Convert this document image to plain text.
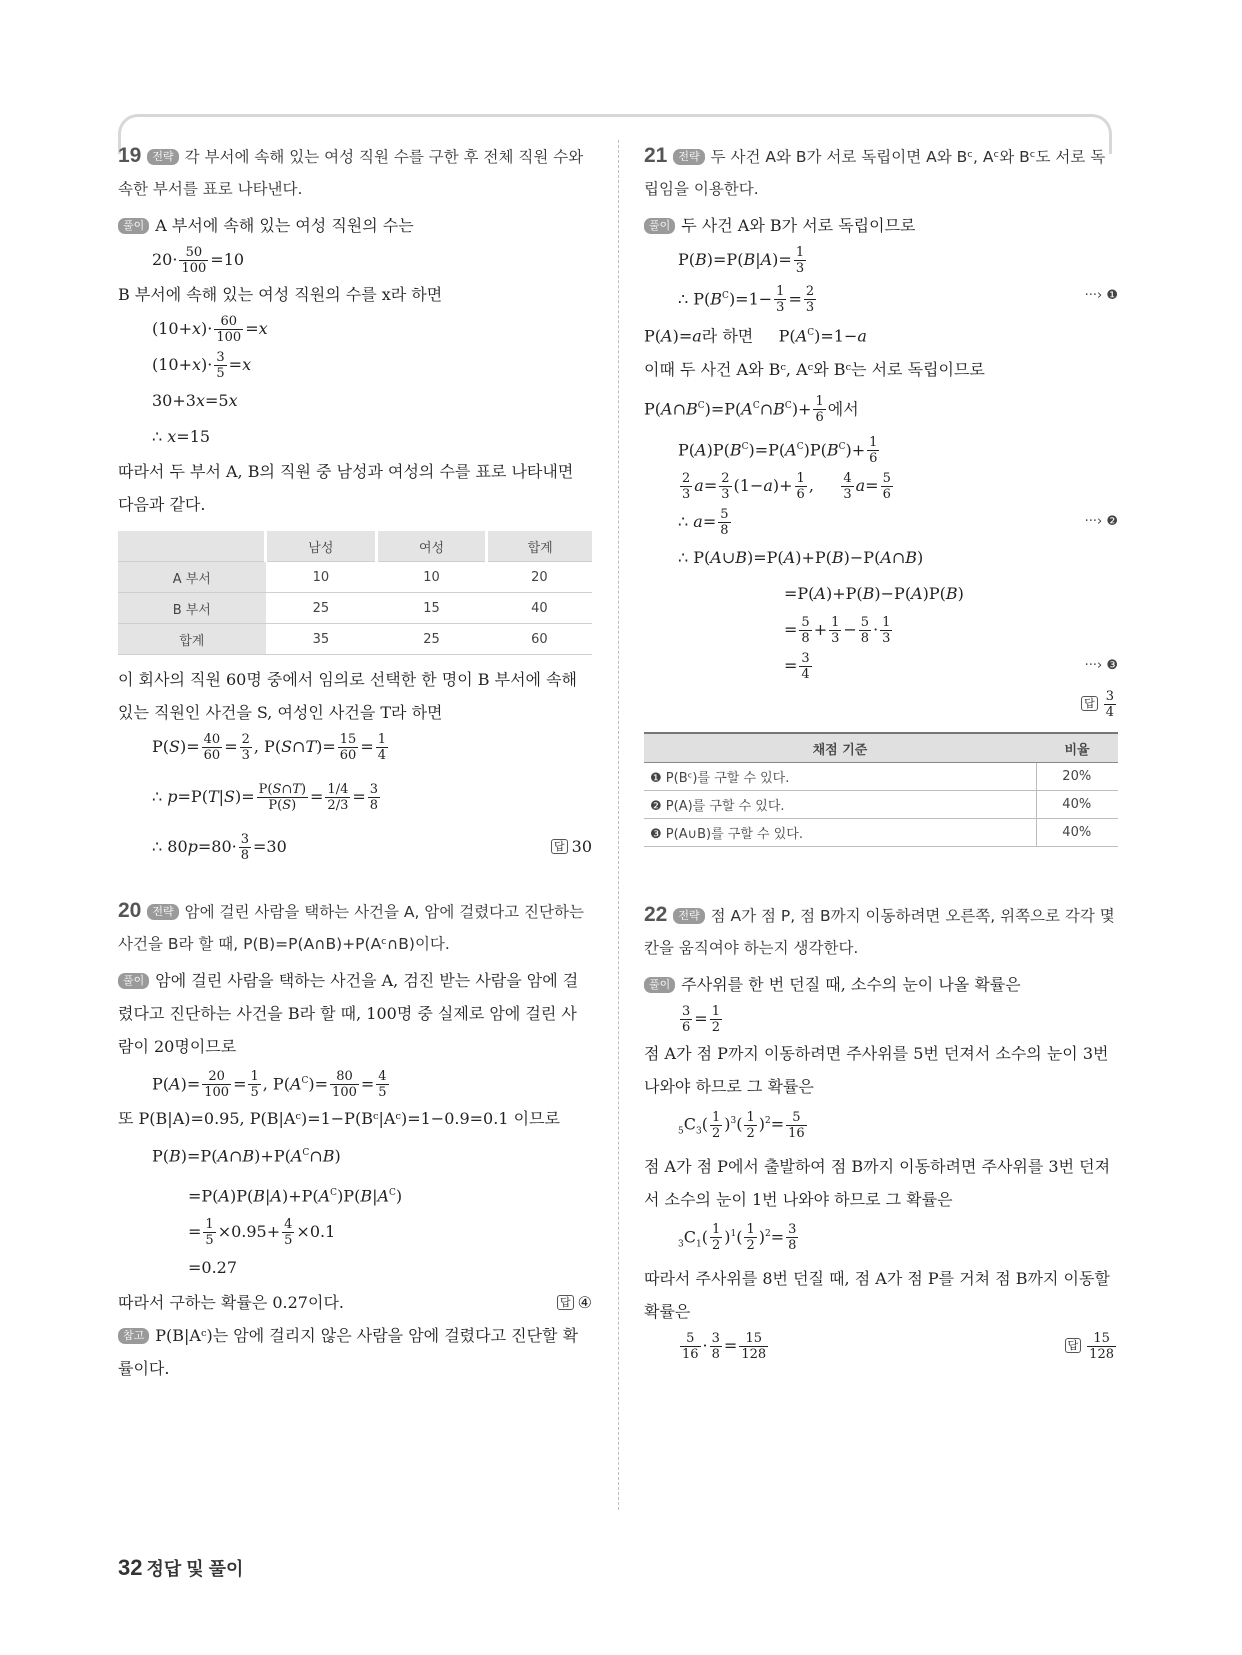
19 전략 각 부서에 속해 있는 여성 직원 수를 구한 후 전체 직원 수와 속한 부서를 표로 나타낸다.
풀이 A 부서에 속해 있는 여성 직원의 수는
$20\cdot \frac{50}{100} =10$
B 부서에 속해 있는 여성 직원의 수를 x라 하면
$(10+x)\cdot \frac{60}{100} =x$
$(10+x)\cdot \frac{3}{5} =x$
30+3x=5x
∴ x=15
따라서 두 부서 A, B의 직원 중 남성과 여성의 수를 표로 나타내면 다음과 같다.
	남성	여성	합계
A 부서	10	10	20
B 부서	25	15	40
합계	35	25	60
이 회사의 직원 60명 중에서 임의로 선택한 한 명이 B 부서에 속해 있는 직원인 사건을 S, 여성인 사건을 T라 하면
$P(S)= \frac{40}{60} = \frac{2}{3}$ , P(S∩T)= $\frac{15}{60} = \frac{1}{4}$
∴ $p=P(T|S)= \frac{P(S\cap T)}{P(S)} = \frac{1/4}{2/3} = \frac{3}{8}$
∴ $80p=80\cdot \frac{3}{8} =30$	답 30
20 전략 암에 걸린 사람을 택하는 사건을 A, 암에 걸렸다고 진단하는 사건을 B라 할 때, P(B)=P(A∩B)+P(Aᶜ∩B)이다.
풀이 암에 걸린 사람을 택하는 사건을 A, 검진 받는 사람을 암에 걸렸다고 진단하는 사건을 B라 할 때, 100명 중 실제로 암에 걸린 사람이 20명이므로
$P(A)= \frac{20}{100} = \frac{1}{5}$ , $P(A^C)= \frac{80}{100} = \frac{4}{5}$
또 P(B|A)=0.95, P(B|Aᶜ)=1−P(Bᶜ|Aᶜ)=1−0.9=0.1 이므로
$P(B)=P(A\cap B)+P(A^C\cap B)$
$=P(A)P(B|A)+P(A^C)P(B|A^C)$
= $\frac{1}{5} \times 0.95+ \frac{4}{5} \times 0.1$
=0.27
따라서 구하는 확률은 0.27이다.	답 ④
참고 P(B|Aᶜ)는 암에 걸리지 않은 사람을 암에 걸렸다고 진단할 확률이다.
21 전략 두 사건 A와 B가 서로 독립이면 A와 Bᶜ, Aᶜ와 Bᶜ도 서로 독립임을 이용한다.
풀이 두 사건 A와 B가 서로 독립이므로
$P(B)=P(B|A)= \frac{1}{3}$
∴ $P(B^C)=1- \frac{1}{3} = \frac{2}{3}$	···› ❶
P(A)=a라 하면     $P(A^C)=1-a$
이때 두 사건 A와 Bᶜ, Aᶜ와 Bᶜ는 서로 독립이므로
$P(A\cap B^C)=P(A^C\cap B^C)+ \frac{1}{6}$ 에서
$P(A)P(B^C)=P(A^C)P(B^C)+ \frac{1}{6}$
$\frac{2}{3} a= \frac{2}{3} (1-a)+ \frac{1}{6}$ , $\frac{4}{3} a= \frac{5}{6}$
∴ $a= \frac{5}{8}$	···› ❷
∴ P(A∪B)=P(A)+P(B)−P(A∩B)
=P(A)+P(B)−P(A)P(B)
= $\frac{5}{8} + \frac{1}{3} - \frac{5}{8} \cdot \frac{1}{3}$
= $\frac{3}{4}$	···› ❸
답 $\frac{3}{4}$
채점 기준	비율
❶ P(Bᶜ)를 구할 수 있다.	20%
❷ P(A)를 구할 수 있다.	40%
❸ P(A∪B)를 구할 수 있다.	40%
22 전략 점 A가 점 P, 점 B까지 이동하려면 오른쪽, 위쪽으로 각각 몇 칸을 움직여야 하는지 생각한다.
풀이 주사위를 한 번 던질 때, 소수의 눈이 나올 확률은
$\frac{3}{6} = \frac{1}{2}$
점 A가 점 P까지 이동하려면 주사위를 5번 던져서 소수의 눈이 3번 나와야 하므로 그 확률은
$_5C_3( \frac{1}{2} )^3( \frac{1}{2} )^2= \frac{5}{16}$
점 A가 점 P에서 출발하여 점 B까지 이동하려면 주사위를 3번 던져서 소수의 눈이 1번 나와야 하므로 그 확률은
$_3C_1( \frac{1}{2} )^1( \frac{1}{2} )^2= \frac{3}{8}$
따라서 주사위를 8번 던질 때, 점 A가 점 P를 거쳐 점 B까지 이동할 확률은
$\frac{5}{16} \cdot \frac{3}{8} = \frac{15}{128}$	답 $\frac{15}{128}$
32 정답 및 풀이
